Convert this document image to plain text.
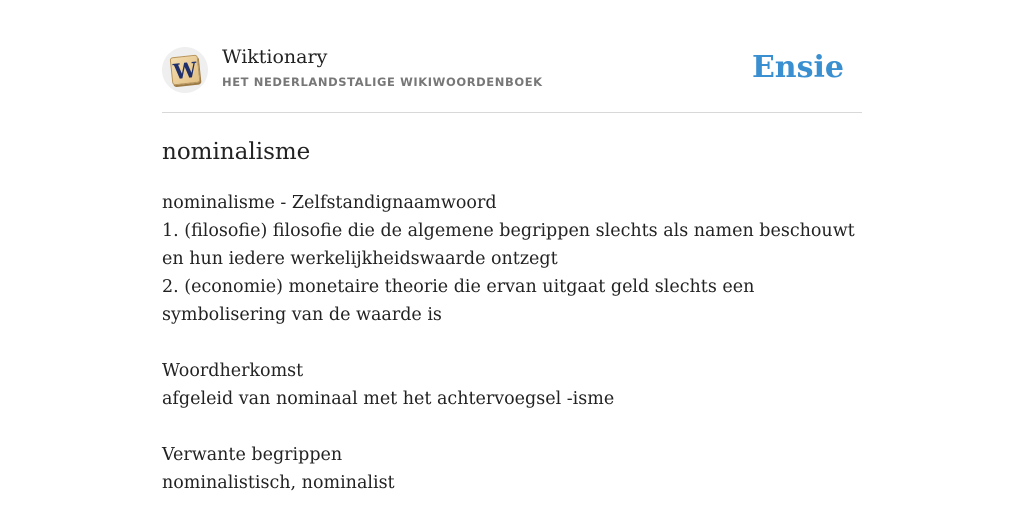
W Wiktionary
HET NEDERLANDSTALIGE WIKIWOORDENBOEK	Ensie
nominalisme

nominalisme - Zelfstandignaamwoord

1. (filosofie) filosofie die de algemene begrippen slechts als namen beschouwt en hun iedere werkelijkheidswaarde ontzegt

2. (economie) monetaire theorie die ervan uitgaat geld slechts een symbolisering van de waarde is

Woordherkomst

afgeleid van nominaal met het achtervoegsel -isme

Verwante begrippen

nominalistisch, nominalist
